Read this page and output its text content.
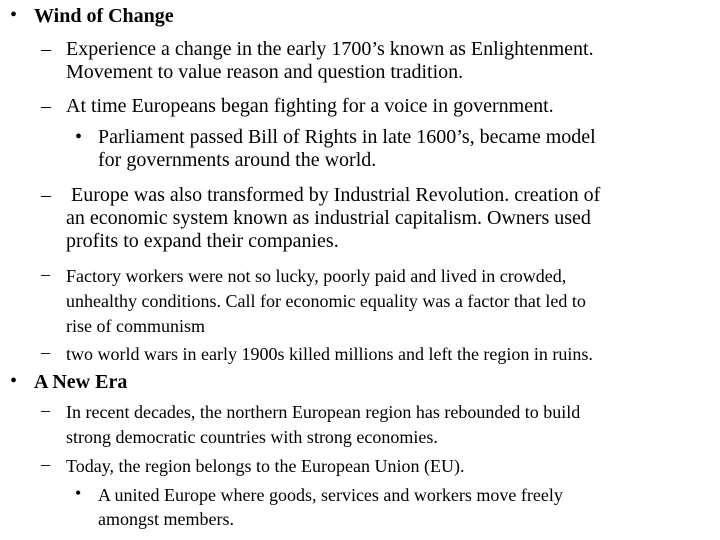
• Wind of Change
– Experience a change in the early 1700’s known as Enlightenment.
Movement to value reason and question tradition.
– At time Europeans began fighting for a voice in government.
• Parliament passed Bill of Rights in late 1600’s, became model
for governments around the world.
– Europe was also transformed by Industrial Revolution. creation of
an economic system known as industrial capitalism. Owners used
profits to expand their companies.
– Factory workers were not so lucky, poorly paid and lived in crowded,
unhealthy conditions. Call for economic equality was a factor that led to
rise of communism
– two world wars in early 1900s killed millions and left the region in ruins.
• A New Era
– In recent decades, the northern European region has rebounded to build
strong democratic countries with strong economies.
– Today, the region belongs to the European Union (EU).
• A united Europe where goods, services and workers move freely
amongst members.
